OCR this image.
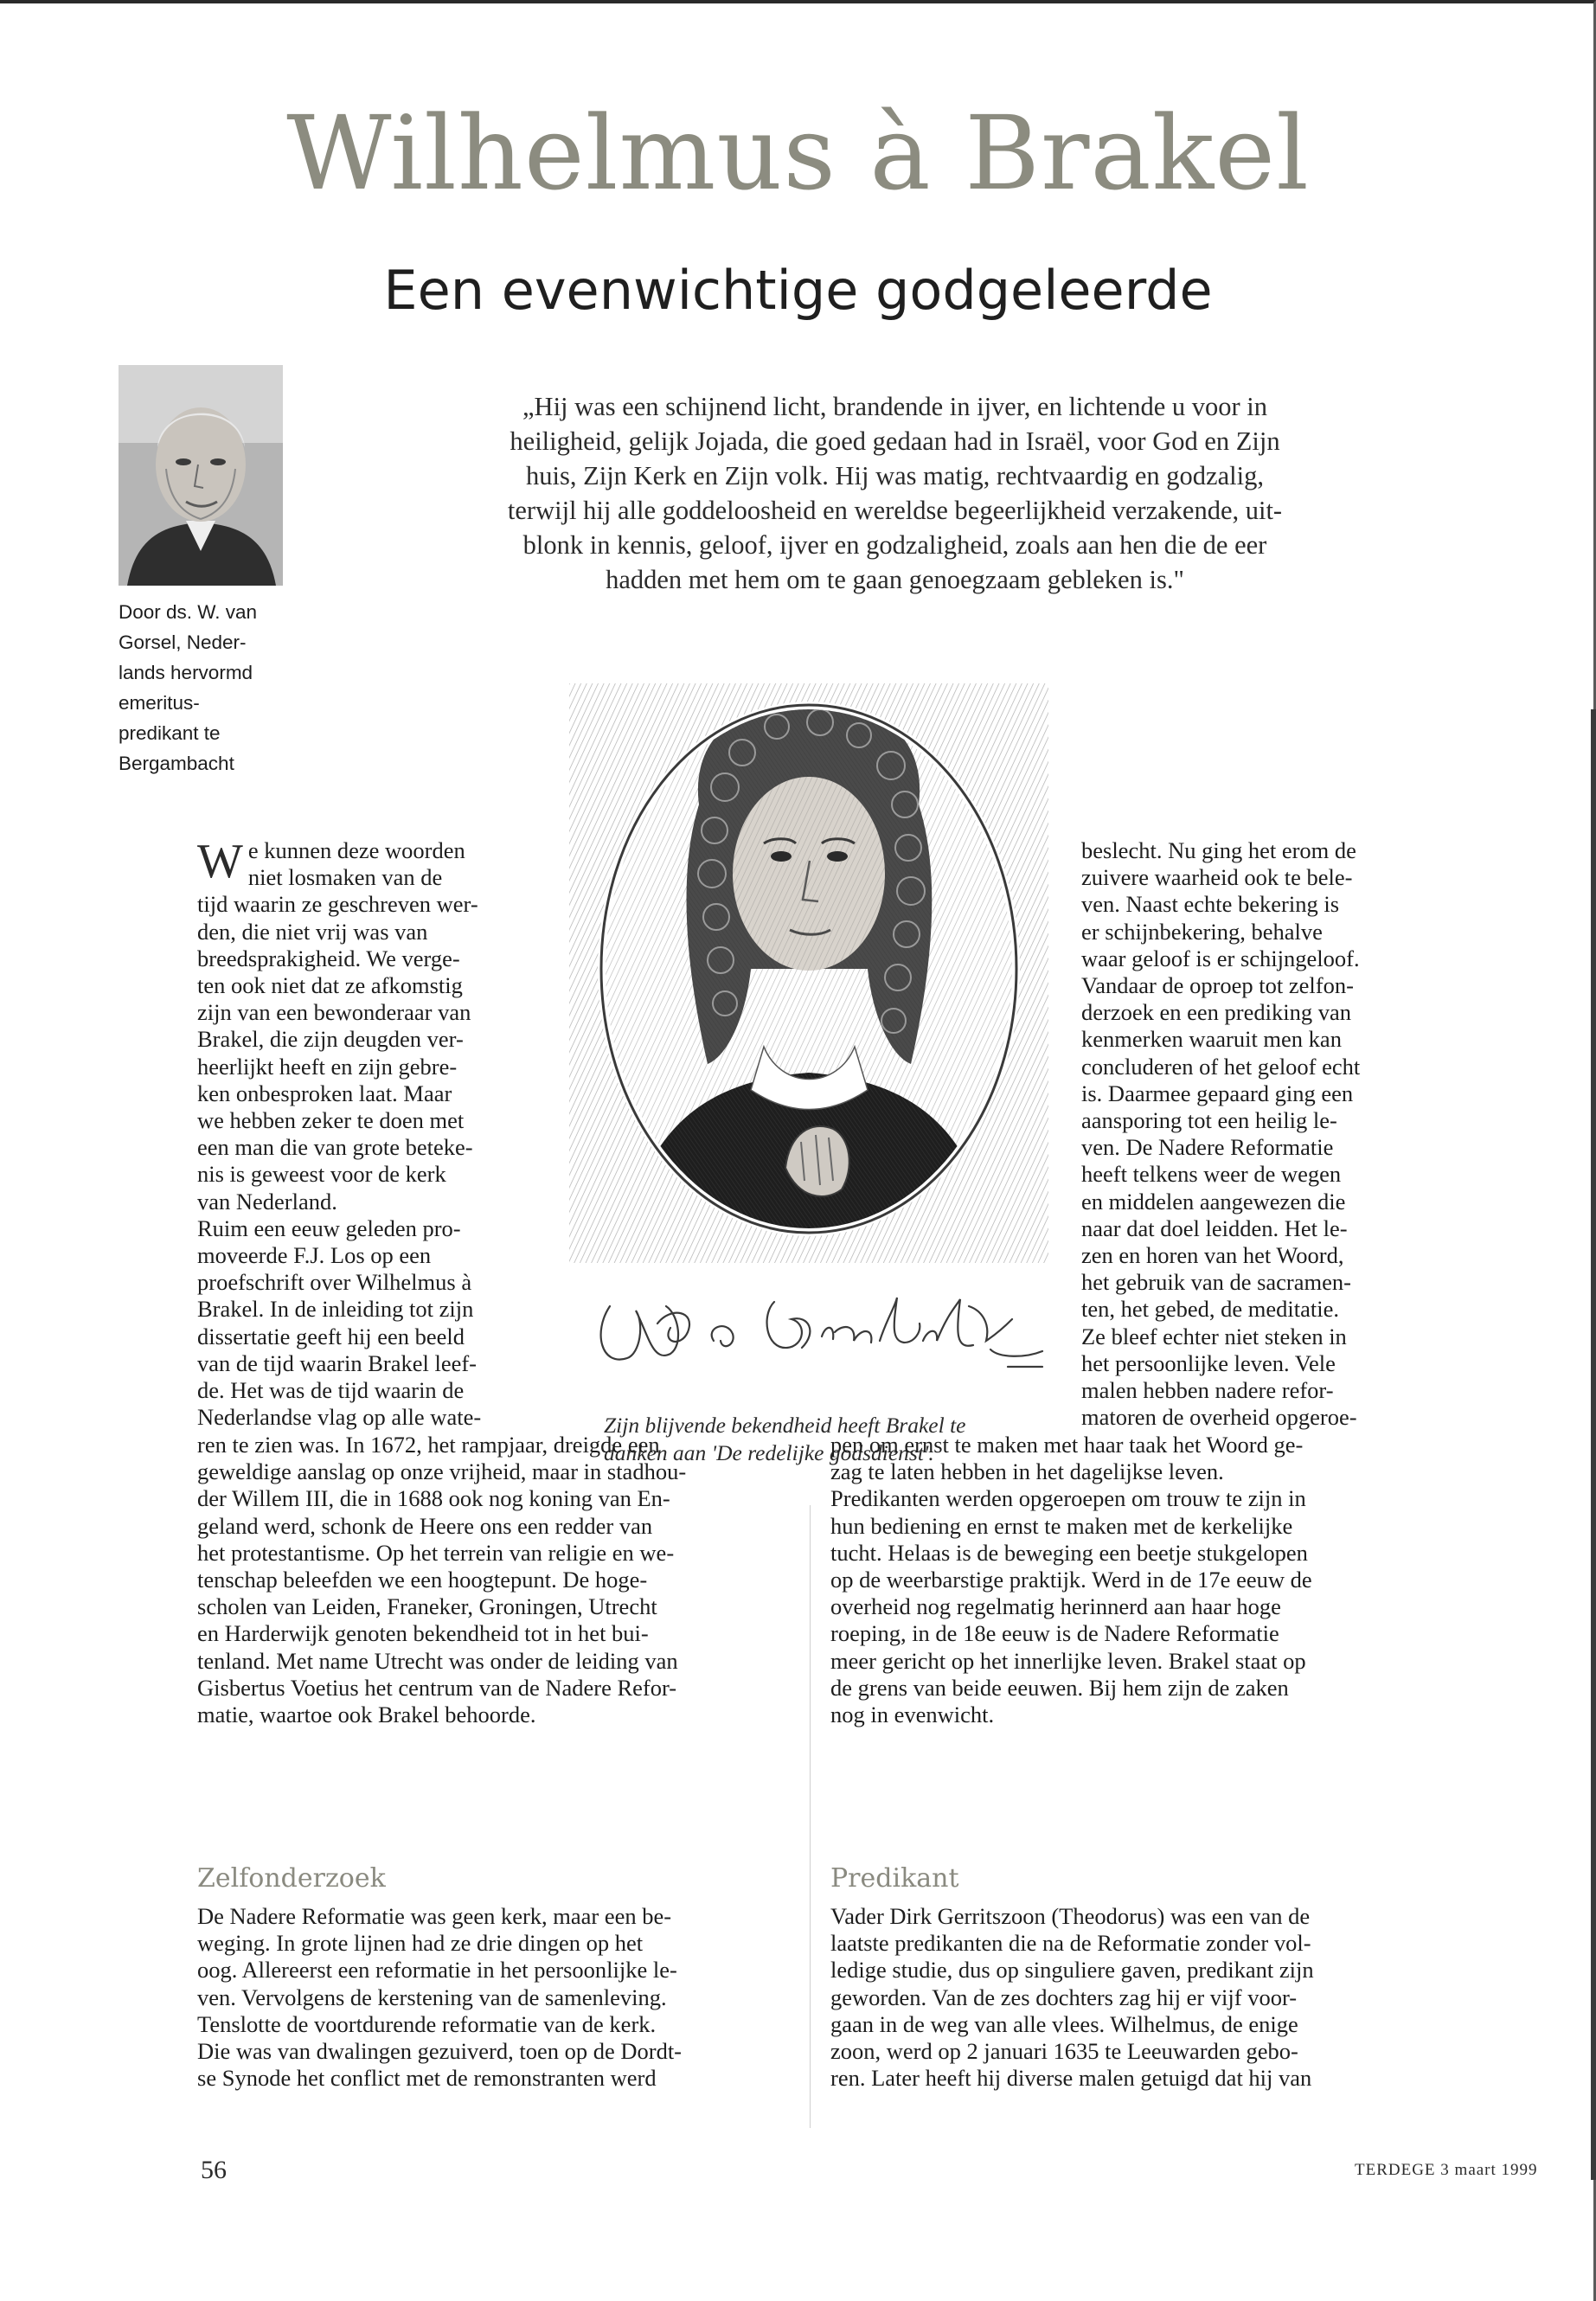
Wilhelmus à Brakel
Een evenwichtige godgeleerde
Door ds. W. van
Gorsel, Neder-
lands hervormd
emeritus-
predikant te
Bergambacht
„Hij was een schijnend licht, brandende in ijver, en lichtende u voor in
heiligheid, gelijk Jojada, die goed gedaan had in Israël, voor God en Zijn
huis, Zijn Kerk en Zijn volk. Hij was matig, rechtvaardig en godzalig,
terwijl hij alle goddeloosheid en wereldse begeerlijkheid verzakende, uit-
blonk in kennis, geloof, ijver en godzaligheid, zoals aan hen die de eer
hadden met hem om te gaan genoegzaam gebleken is."
Zijn blijvende bekendheid heeft Brakel te
danken aan 'De redelijke godsdienst'.
W e kunnen deze woorden
niet losmaken van de
tijd waarin ze geschreven wer-
den, die niet vrij was van
breedsprakigheid. We verge-
ten ook niet dat ze afkomstig
zijn van een bewonderaar van
Brakel, die zijn deugden ver-
heerlijkt heeft en zijn gebre-
ken onbesproken laat. Maar
we hebben zeker te doen met
een man die van grote beteke-
nis is geweest voor de kerk
van Nederland.
Ruim een eeuw geleden pro-
moveerde F.J. Los op een
proefschrift over Wilhelmus à
Brakel. In de inleiding tot zijn
dissertatie geeft hij een beeld
van de tijd waarin Brakel leef-
de. Het was de tijd waarin de
Nederlandse vlag op alle wate-
ren te zien was. In 1672, het rampjaar, dreigde een
geweldige aanslag op onze vrijheid, maar in stadhou-
der Willem III, die in 1688 ook nog koning van En-
geland werd, schonk de Heere ons een redder van
het protestantisme. Op het terrein van religie en we-
tenschap beleefden we een hoogtepunt. De hoge-
scholen van Leiden, Franeker, Groningen, Utrecht
en Harderwijk genoten bekendheid tot in het bui-
tenland. Met name Utrecht was onder de leiding van
Gisbertus Voetius het centrum van de Nadere Refor-
matie, waartoe ook Brakel behoorde.
Zelfonderzoek
De Nadere Reformatie was geen kerk, maar een be-
weging. In grote lijnen had ze drie dingen op het
oog. Allereerst een reformatie in het persoonlijke le-
ven. Vervolgens de kerstening van de samenleving.
Tenslotte de voortdurende reformatie van de kerk.
Die was van dwalingen gezuiverd, toen op de Dordt-
se Synode het conflict met de remonstranten werd
beslecht. Nu ging het erom de
zuivere waarheid ook te bele-
ven. Naast echte bekering is
er schijnbekering, behalve
waar geloof is er schijngeloof.
Vandaar de oproep tot zelfon-
derzoek en een prediking van
kenmerken waaruit men kan
concluderen of het geloof echt
is. Daarmee gepaard ging een
aansporing tot een heilig le-
ven. De Nadere Reformatie
heeft telkens weer de wegen
en middelen aangewezen die
naar dat doel leidden. Het le-
zen en horen van het Woord,
het gebruik van de sacramen-
ten, het gebed, de meditatie.
Ze bleef echter niet steken in
het persoonlijke leven. Vele
malen hebben nadere refor-
matoren de overheid opgeroe-
pen om ernst te maken met haar taak het Woord ge-
zag te laten hebben in het dagelijkse leven.
Predikanten werden opgeroepen om trouw te zijn in
hun bediening en ernst te maken met de kerkelijke
tucht. Helaas is de beweging een beetje stukgelopen
op de weerbarstige praktijk. Werd in de 17e eeuw de
overheid nog regelmatig herinnerd aan haar hoge
roeping, in de 18e eeuw is de Nadere Reformatie
meer gericht op het innerlijke leven. Brakel staat op
de grens van beide eeuwen. Bij hem zijn de zaken
nog in evenwicht.
Predikant
Vader Dirk Gerritszoon (Theodorus) was een van de
laatste predikanten die na de Reformatie zonder vol-
ledige studie, dus op singuliere gaven, predikant zijn
geworden. Van de zes dochters zag hij er vijf voor-
gaan in de weg van alle vlees. Wilhelmus, de enige
zoon, werd op 2 januari 1635 te Leeuwarden gebo-
ren. Later heeft hij diverse malen getuigd dat hij van
56	TERDEGE 3 maart 1999
